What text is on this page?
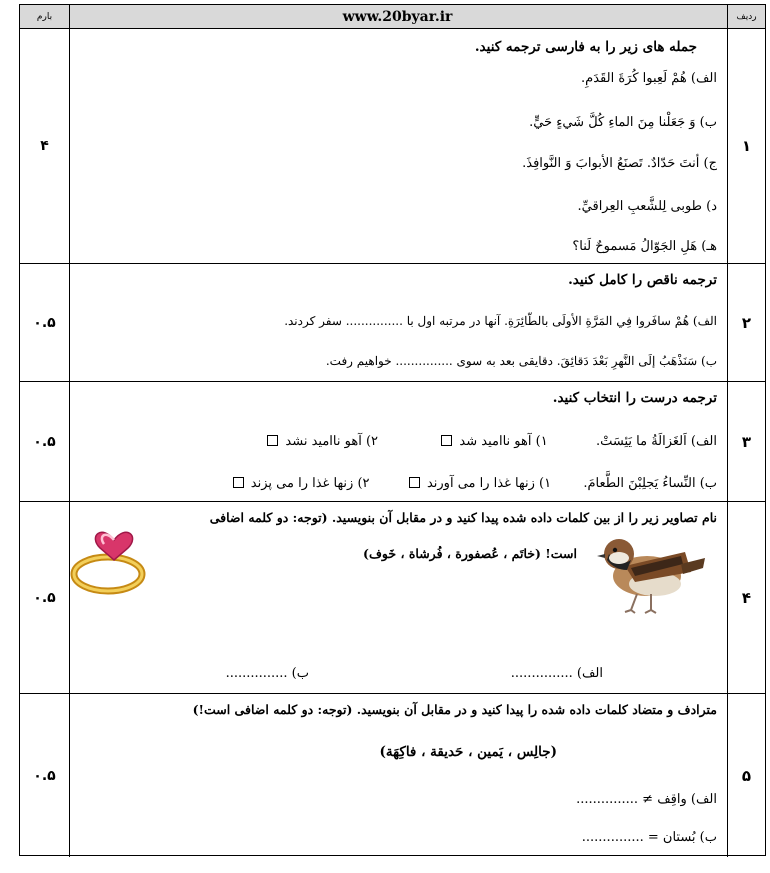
ردیف
www.20byar.ir
بارم
۱
جمله های زیر را به فارسی ترجمه کنید.
الف) هُمْ لَعِبوا کُرَةَ القَدَمِ.
ب) وَ جَعَلْنا مِنَ الماءِ کُلَّ شَيءٍ حَيٍّ.
ج) أنتَ حَدّادٌ. تَصنَعُ الأبوابَ وَ النَّوافِذَ.
د) طوبی لِلشَّعبِ العِراقيِّ.
هـ) هَلِ الجَوّالُ مَسموحٌ لَنا؟
۴
۲
ترجمه ناقص را کامل کنید.
الف) هُمْ سافَروا فِي المَرَّةِ الأولَی بالطّائِرَةِ. آنها در مرتبه اول با ............... سفر کردند.
ب) سَنَذْهَبُ إلَی النَّهرِ بَعْدَ دَقائِقَ. دقایقی بعد به سوی ............... خواهیم رفت.
۰.۵
۳
ترجمه درست را انتخاب کنید.
الف) اَلغَزالَةُ ما یَئِسَتْ.  ۱) آهو ناامید شد   ۲) آهو ناامید نشد
ب) النِّساءُ یَجلِبْنَ الطَّعامَ.  ۱) زنها غذا را می آورند   ۲) زنها غذا را می پزند
۰.۵
۴
نام تصاویر زیر را از بین کلمات داده شده پیدا کنید و در مقابل آن بنویسید. (توجه: دو کلمه اضافی
است! (خاتَم ، عُصفورة ، فُرشاة ، خَوف)
الف) ...............
ب) ...............
۰.۵
۵
مترادف و متضاد کلمات داده شده را پیدا کنید و در مقابل آن بنویسید. (توجه: دو کلمه اضافی است!)
(جالِس ، یَمین ، حَدیقة ، فاکِهَة)
الف) واقِف ≠ ...............
ب) بُستان = ...............
۰.۵
